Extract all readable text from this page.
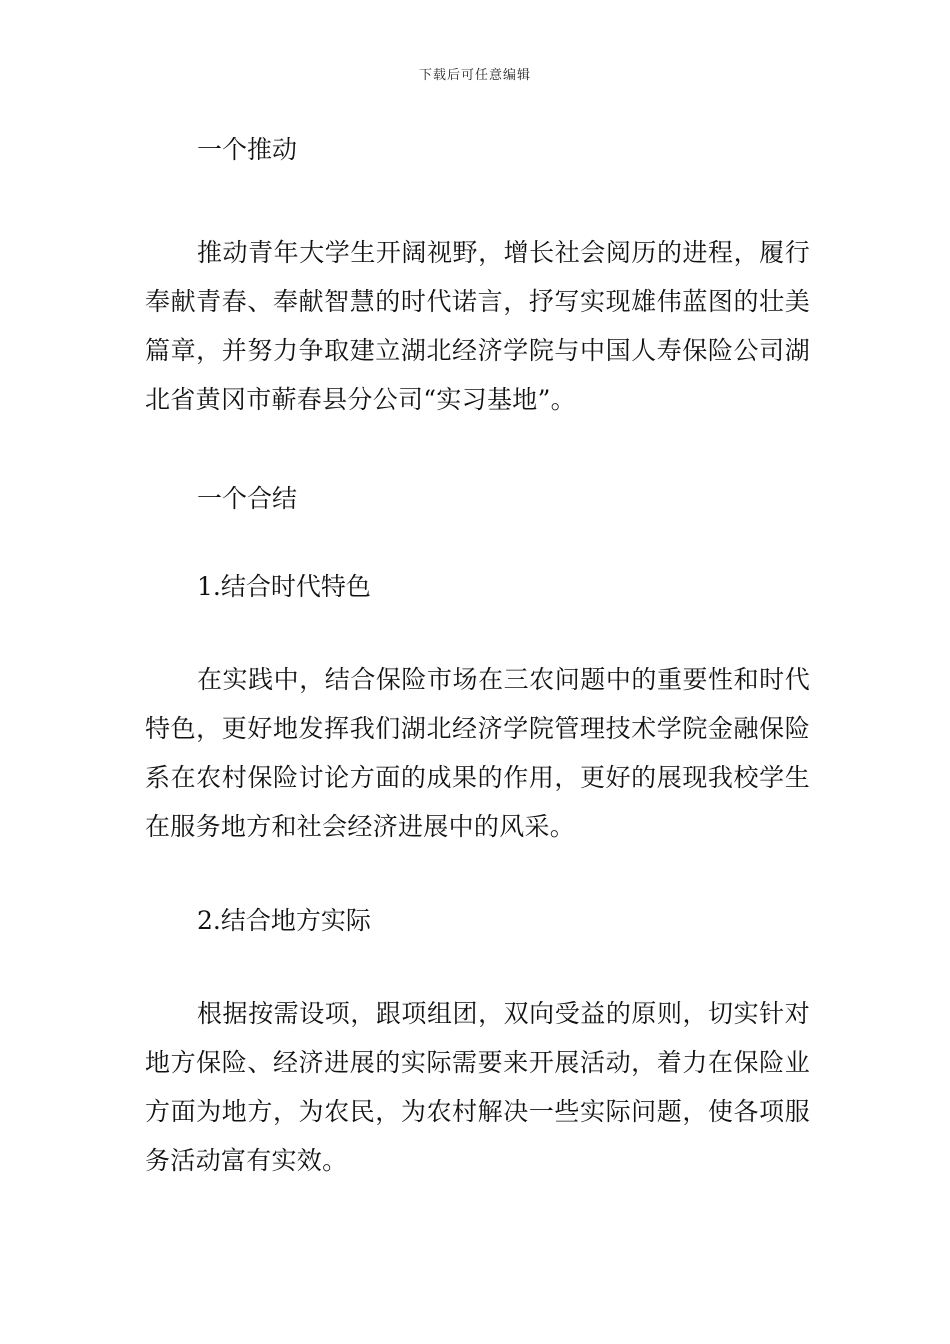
下载后可任意编辑

一个推动

推动青年大学生开阔视野，增长社会阅历的进程，履行奉献青春、奉献智慧的时代诺言，抒写实现雄伟蓝图的壮美篇章，并努力争取建立湖北经济学院与中国人寿保险公司湖北省黄冈市蕲春县分公司“实习基地”。

一个合结

1.结合时代特色

在实践中，结合保险市场在三农问题中的重要性和时代特色，更好地发挥我们湖北经济学院管理技术学院金融保险系在农村保险讨论方面的成果的作用，更好的展现我校学生在服务地方和社会经济进展中的风采。

2.结合地方实际

根据按需设项，跟项组团，双向受益的原则，切实针对地方保险、经济进展的实际需要来开展活动，着力在保险业方面为地方，为农民，为农村解决一些实际问题，使各项服务活动富有实效。
